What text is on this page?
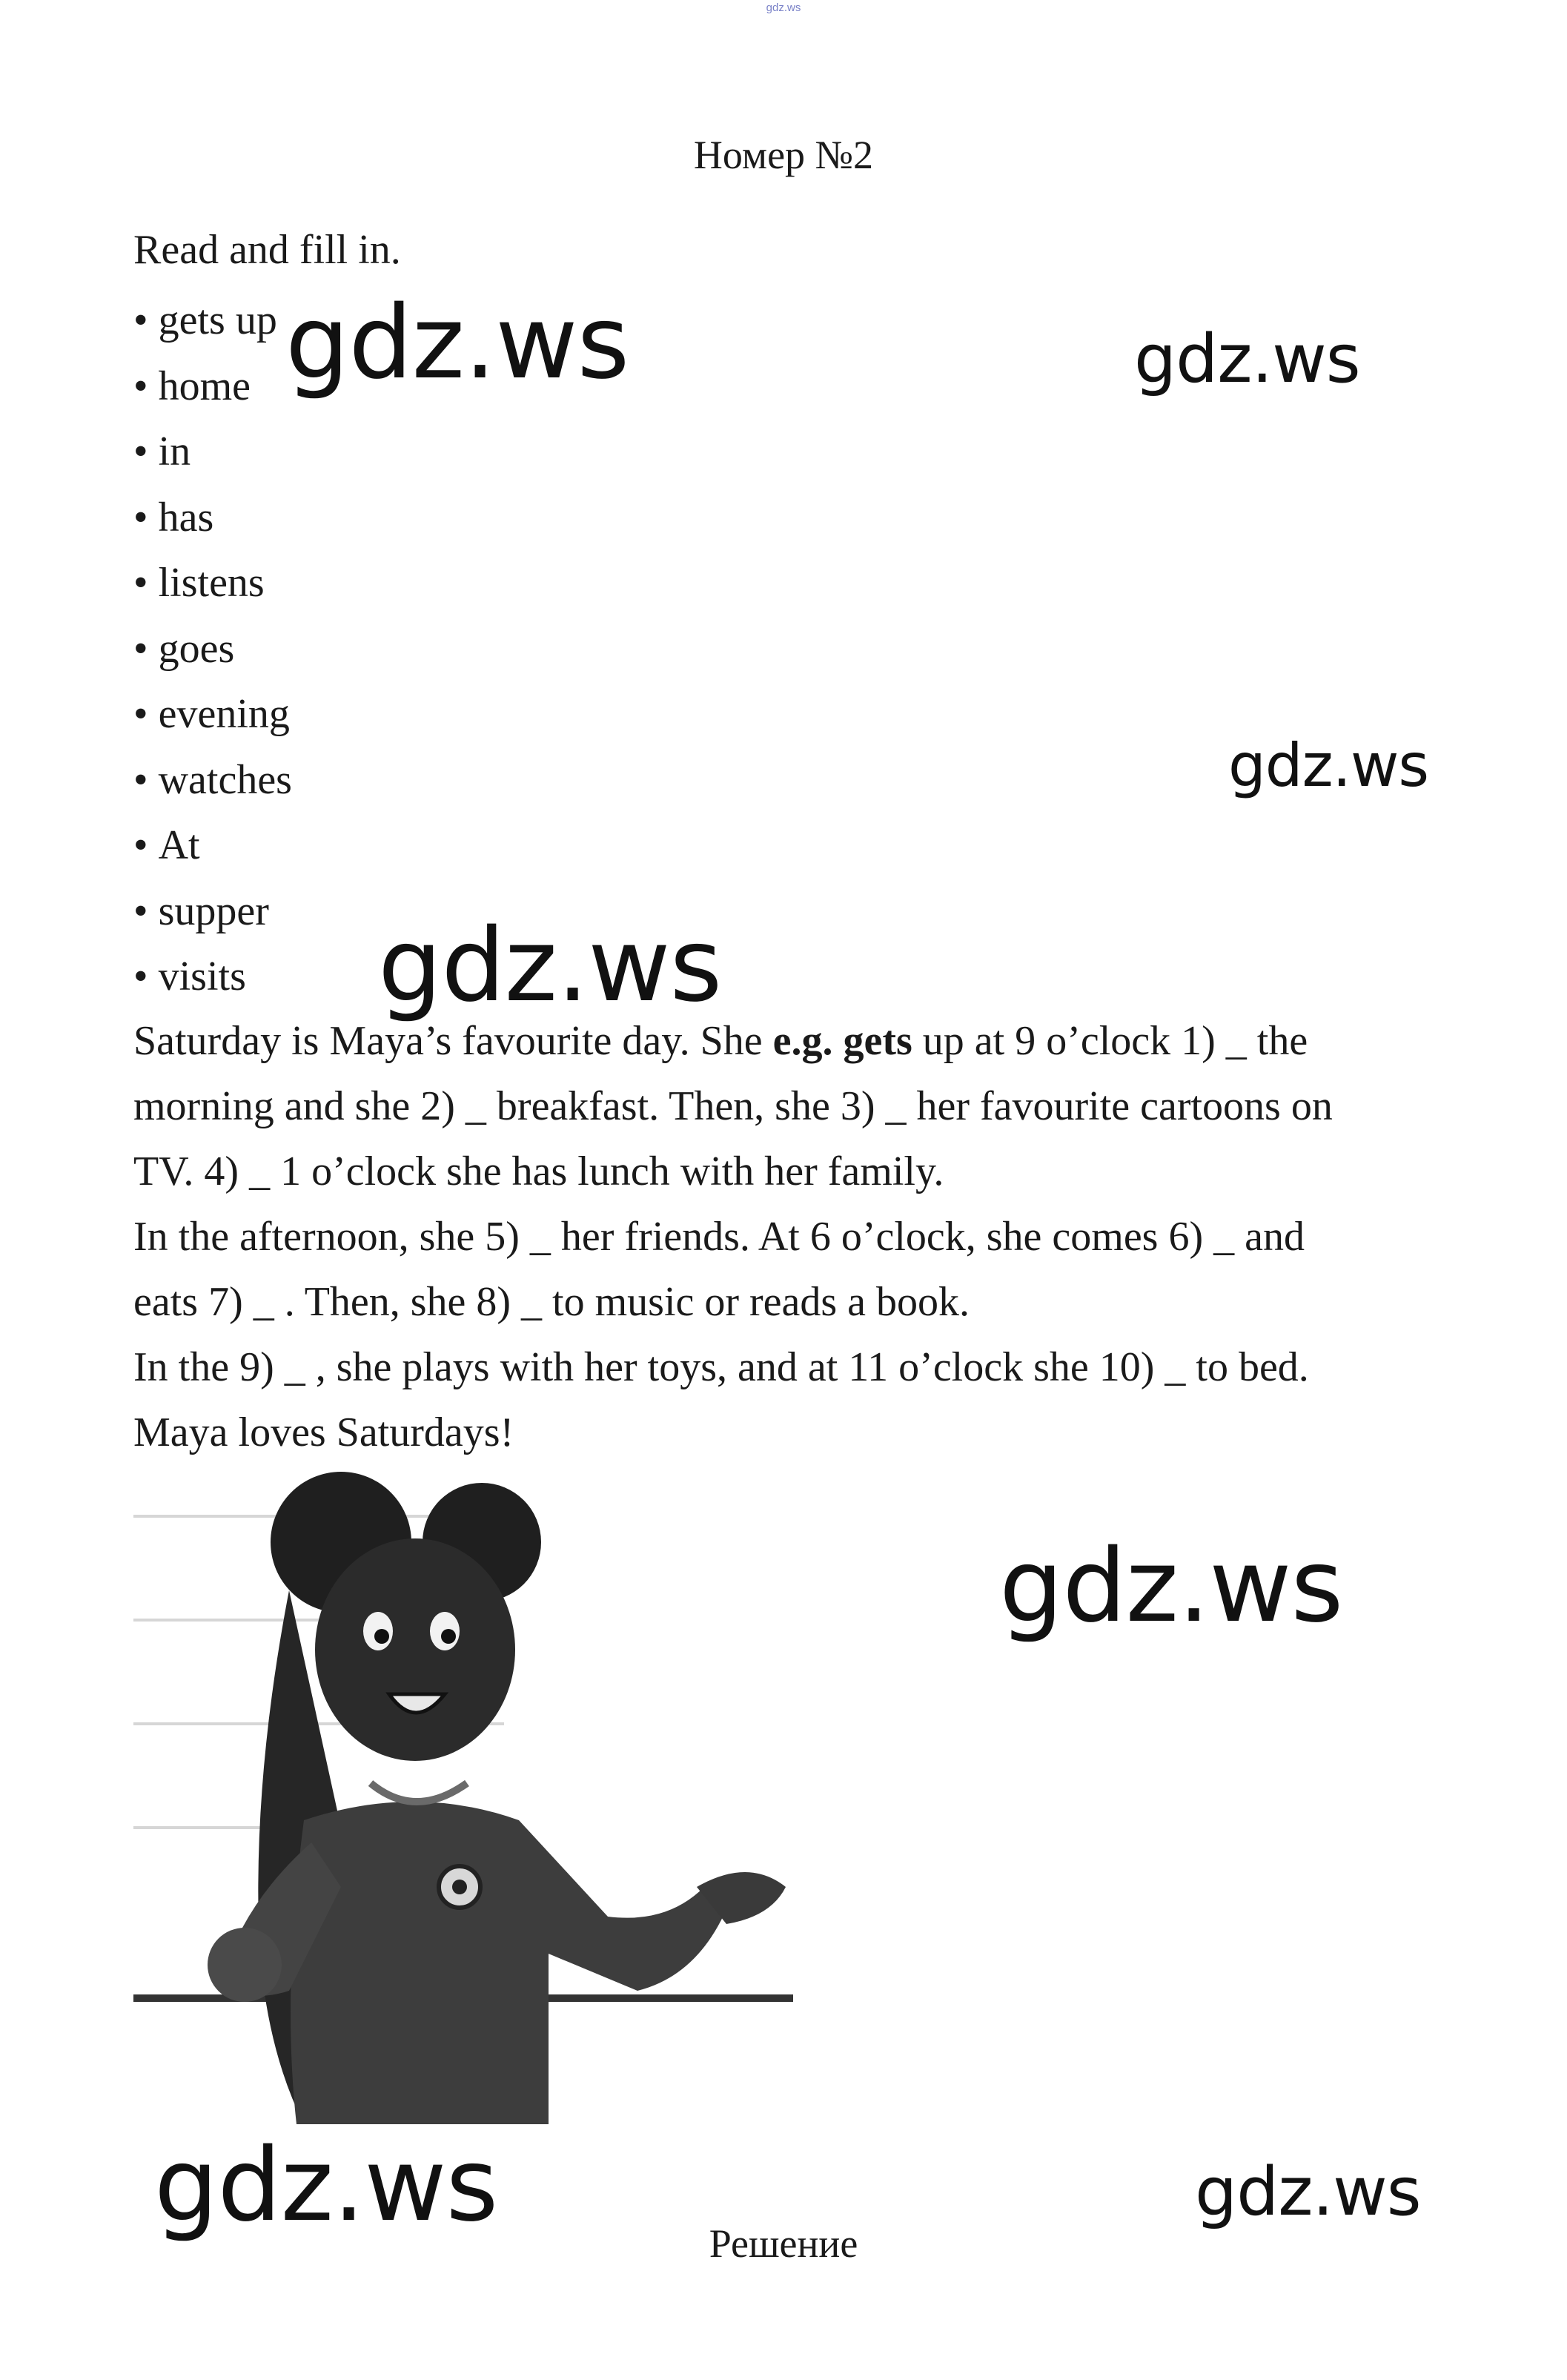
gdz.ws
Номер №2
Read and fill in.
• gets up
• home
• in
• has
• listens
• goes
• evening
• watches
• At
• supper
• visits
Saturday is Maya’s favourite day. She e.g. gets up at 9 o’clock 1) _ the
morning and she 2) _ breakfast. Then, she 3) _ her favourite cartoons on
TV. 4) _ 1 o’clock she has lunch with her family.
In the afternoon, she 5) _ her friends. At 6 o’clock, she comes 6) _ and
eats 7) _ . Then, she 8) _ to music or reads a book.
In the 9) _ , she plays with her toys, and at 11 o’clock she 10) _ to bed.
Maya loves Saturdays!
gdz.ws	gdz.ws
gdz.ws
gdz.ws
gdz.ws
gdz.ws	gdz.ws
Решение
